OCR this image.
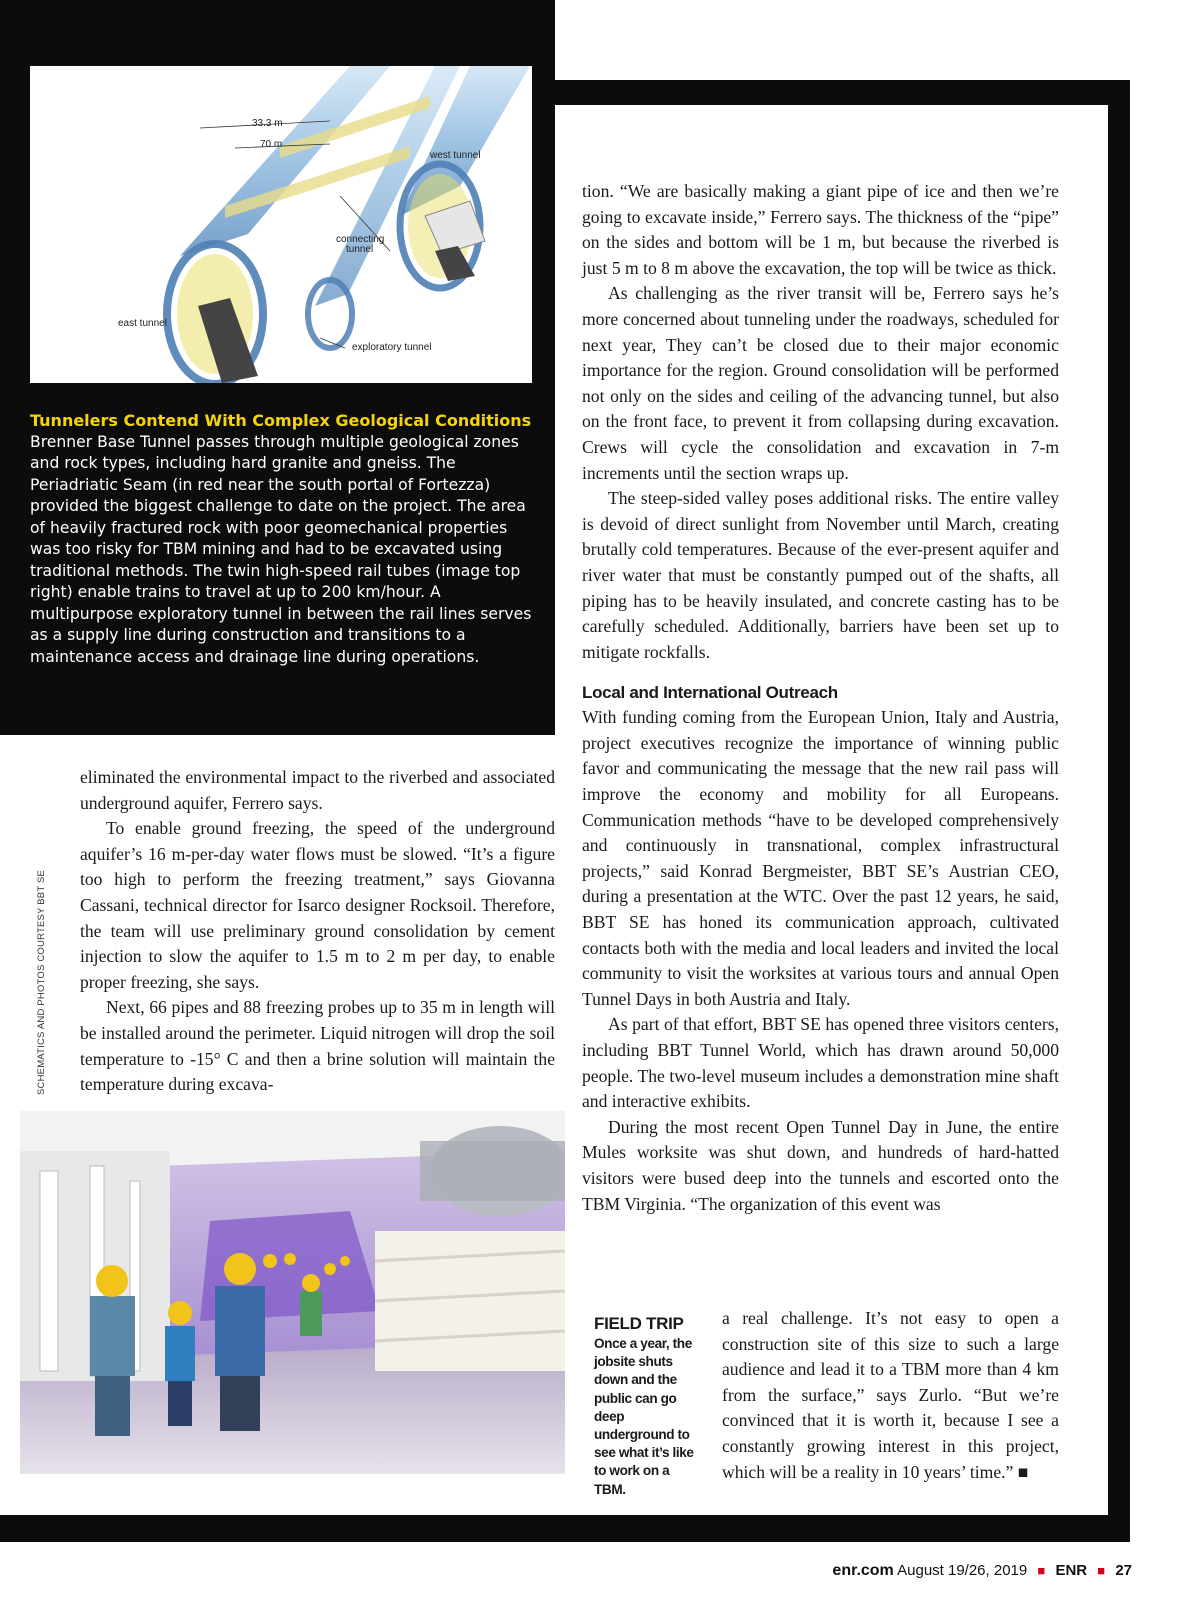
33.3 m
70 m
west tunnel
connecting
tunnel
east tunnel
exploratory tunnel

Tunnelers Contend With Complex Geological Conditions

Brenner Base Tunnel passes through multiple geological zones and rock types, including hard granite and gneiss. The Periadriatic Seam (in red near the south portal of Fortezza) provided the biggest challenge to date on the project. The area of heavily fractured rock with poor geomechanical properties was too risky for TBM mining and had to be excavated using traditional methods. The twin high-speed rail tubes (image top right) enable trains to travel at up to 200 km/hour. A multipurpose exploratory tunnel in between the rail lines serves as a supply line during construction and transitions to a maintenance access and drainage line during operations.

tion. “We are basically making a giant pipe of ice and then we’re going to excavate inside,” Ferrero says. The thickness of the “pipe” on the sides and bottom will be 1 m, but because the riverbed is just 5 m to 8 m above the excavation, the top will be twice as thick.

As challenging as the river transit will be, Ferrero says he’s more concerned about tunneling under the roadways, scheduled for next year, They can’t be closed due to their major economic importance for the region. Ground consolidation will be performed not only on the sides and ceiling of the advancing tunnel, but also on the front face, to prevent it from collapsing during excavation. Crews will cycle the consolidation and excavation in 7-m increments until the section wraps up.

The steep-sided valley poses additional risks. The entire valley is devoid of direct sunlight from November until March, creating brutally cold temperatures. Because of the ever-present aquifer and river water that must be constantly pumped out of the shafts, all piping has to be heavily insulated, and concrete casting has to be carefully scheduled. Additionally, barriers have been set up to mitigate rockfalls.

Local and International Outreach

With funding coming from the European Union, Italy and Austria, project executives recognize the importance of winning public favor and communicating the message that the new rail pass will improve the economy and mobility for all Europeans. Communication methods “have to be developed comprehensively and continuously in transnational, complex infrastructural projects,” said Konrad Bergmeister, BBT SE’s Austrian CEO, during a presentation at the WTC. Over the past 12 years, he said, BBT SE has honed its communication approach, cultivated contacts both with the media and local leaders and invited the local community to visit the worksites at various tours and annual Open Tunnel Days in both Austria and Italy.

As part of that effort, BBT SE has opened three visitors centers, including BBT Tunnel World, which has drawn around 50,000 people. The two-level museum includes a demonstration mine shaft and interactive exhibits.

During the most recent Open Tunnel Day in June, the entire Mules worksite was shut down, and hundreds of hard-hatted visitors were bused deep into the tunnels and escorted onto the TBM Virginia. “The organization of this event was

a real challenge. It’s not easy to open a construction site of this size to such a large audience and lead it to a TBM more than 4 km from the surface,” says Zurlo. “But we’re convinced that it is worth it, because I see a constantly growing interest in this project, which will be a reality in 10 years’ time.” ■

eliminated the environmental impact to the riverbed and associated underground aquifer, Ferrero says.

To enable ground freezing, the speed of the underground aquifer’s 16 m-per-day water flows must be slowed. “It’s a figure too high to perform the freezing treatment,” says Giovanna Cassani, technical director for Isarco designer Rocksoil. Therefore, the team will use preliminary ground consolidation by cement injection to slow the aquifer to 1.5 m to 2 m per day, to enable proper freezing, she says.

Next, 66 pipes and 88 freezing probes up to 35 m in length will be installed around the perimeter. Liquid nitrogen will drop the soil temperature to -15° C and then a brine solution will maintain the temperature during excava-

SCHEMATICS AND PHOTOS COURTESY BBT SE
FIELD TRIP
Once a year, the jobsite shuts down and the public can go deep underground to see what it’s like to work on a TBM.
enr.com August 19/26, 2019 ■ ENR ■ 27
